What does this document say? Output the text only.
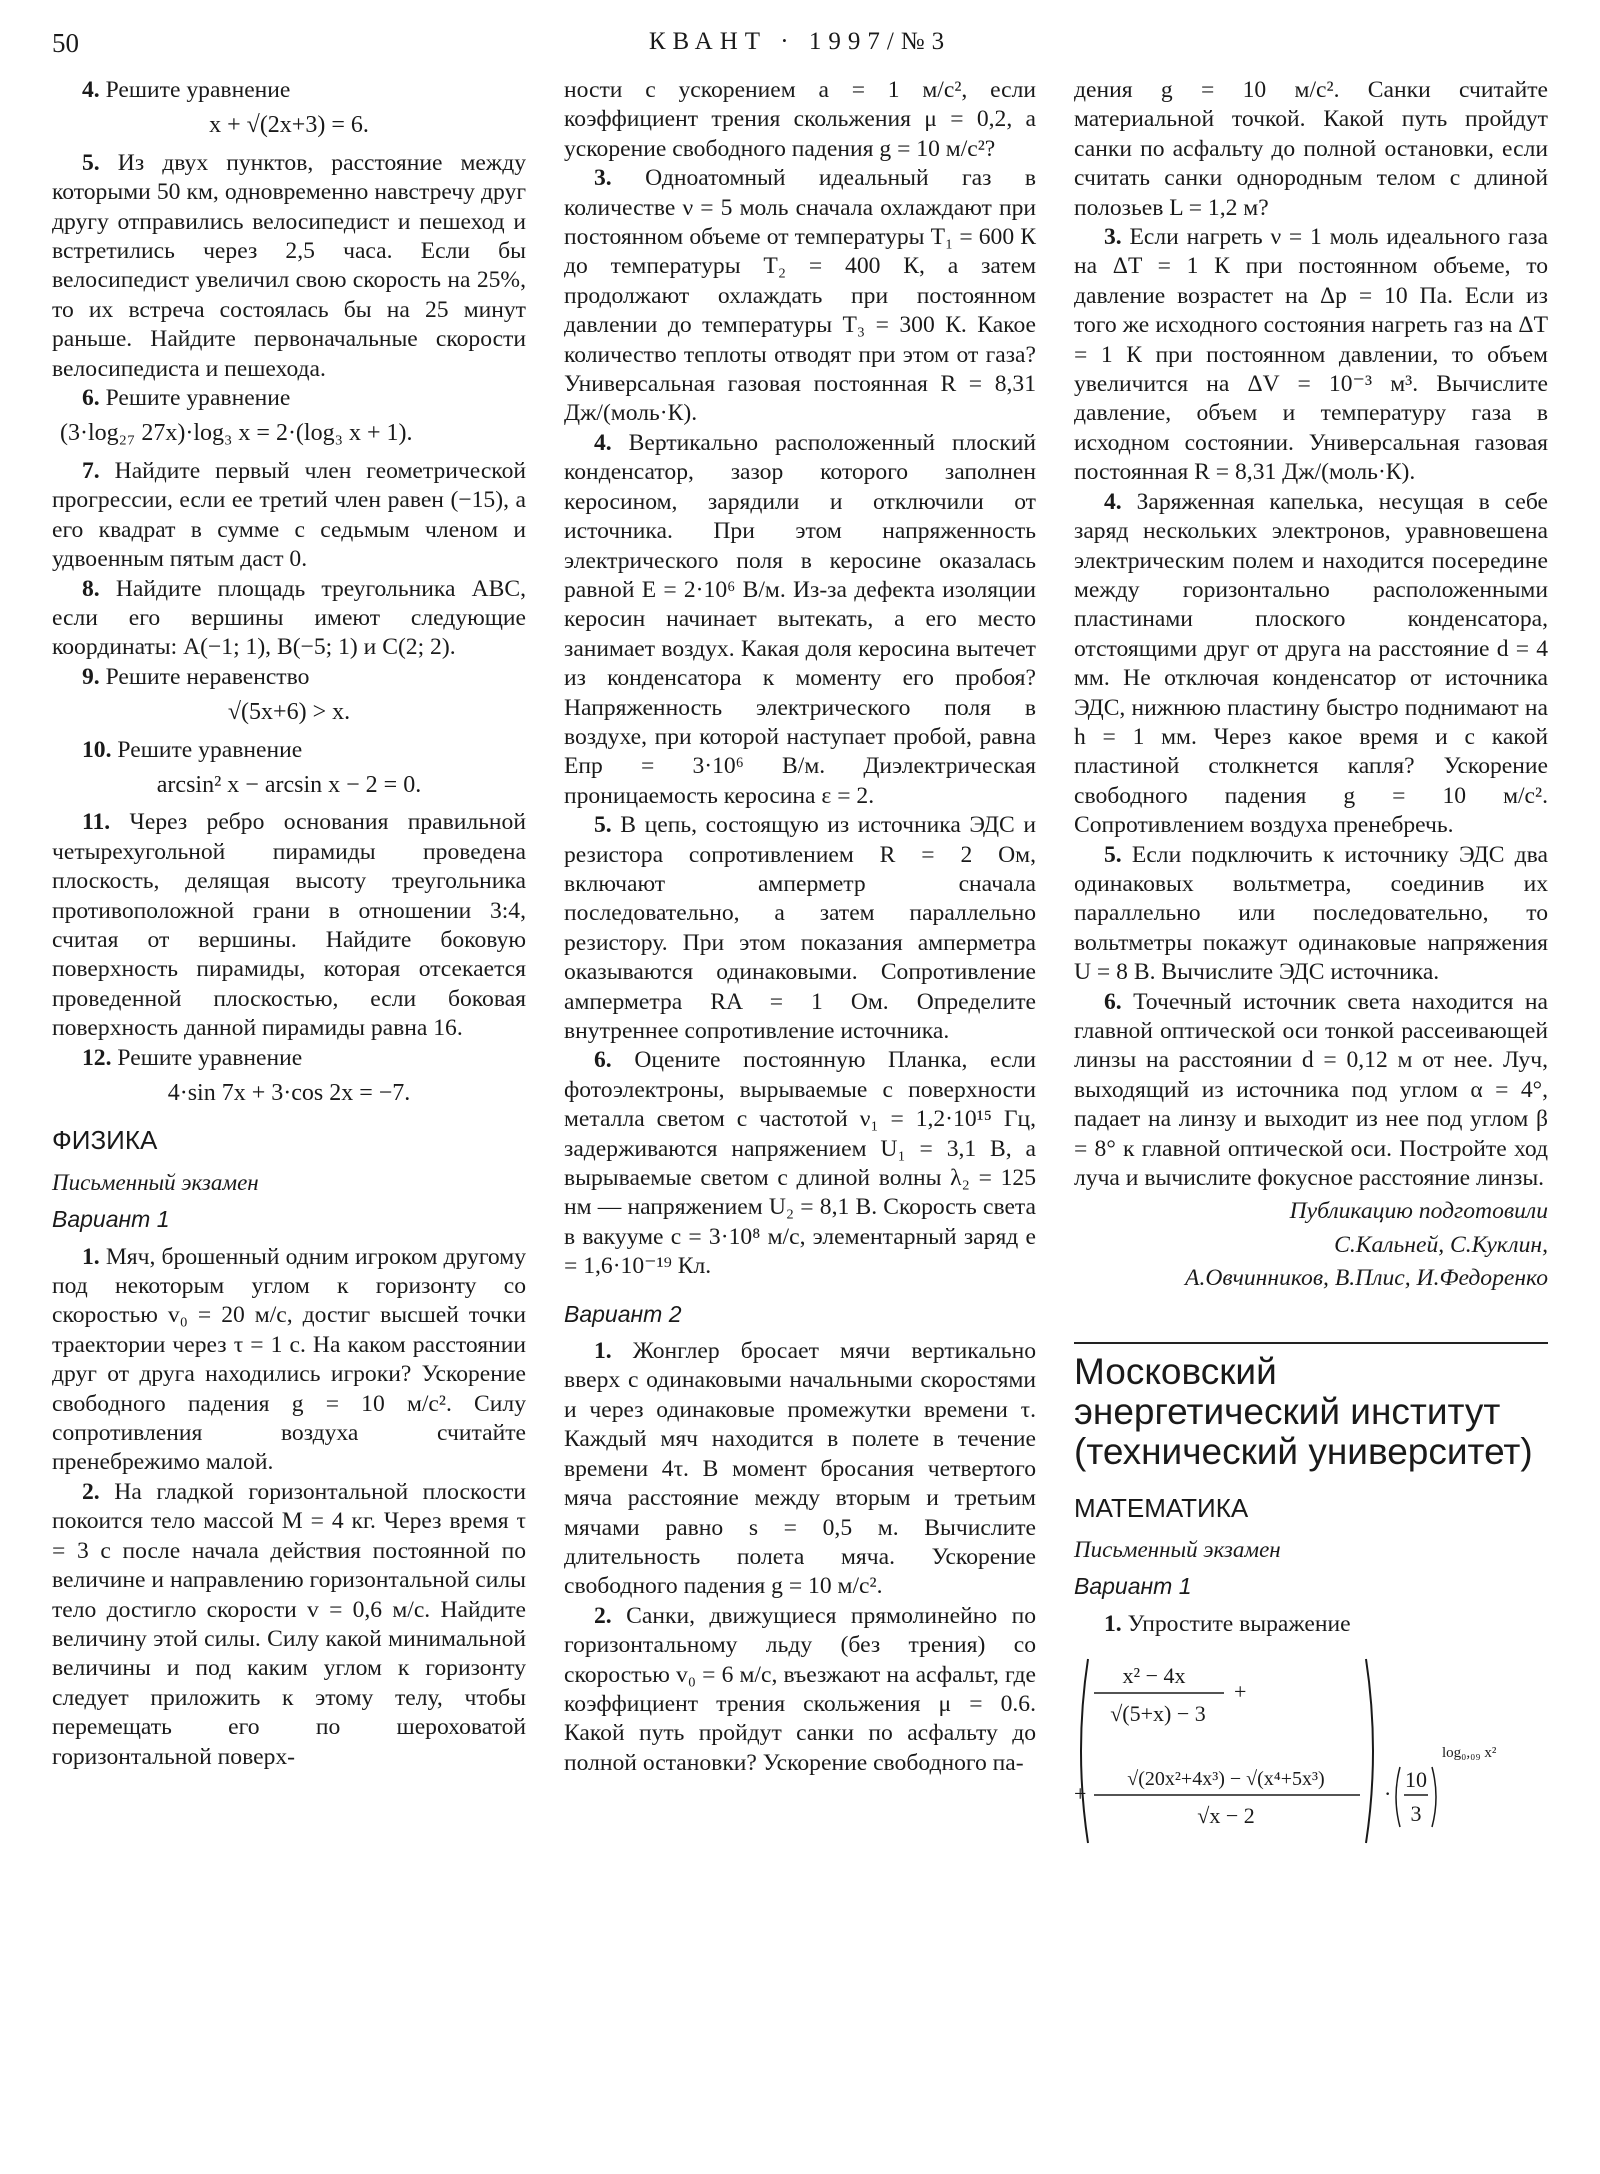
50	КВАНТ · 1997/№3

4. Решите уравнение

x + √(2x+3) = 6.

5. Из двух пунктов, расстояние между которыми 50 км, одновременно навстречу друг другу отправились велосипедист и пешеход и встретились через 2,5 часа. Если бы велосипедист увеличил свою скорость на 25%, то их встреча состоялась бы на 25 минут раньше. Найдите первоначальные скорости велосипедиста и пешехода.

6. Решите уравнение

(3·log₂₇ 27x)·log₃ x = 2·(log₃ x + 1).

7. Найдите первый член геометрической прогрессии, если ее третий член равен (−15), а его квадрат в сумме с седьмым членом и удвоенным пятым даст 0.

8. Найдите площадь треугольника ABC, если его вершины имеют следующие координаты: A(−1; 1), B(−5; 1) и C(2; 2).

9. Решите неравенство

√(5x+6) > x.

10. Решите уравнение

arcsin² x − arcsin x − 2 = 0.

11. Через ребро основания правильной четырехугольной пирамиды проведена плоскость, делящая высоту треугольника противоположной грани в отношении 3:4, считая от вершины. Найдите боковую поверхность пирамиды, которая отсекается проведенной плоскостью, если боковая поверхность данной пирамиды равна 16.

12. Решите уравнение

4·sin 7x + 3·cos 2x = −7.

ФИЗИКА

Письменный экзамен

Вариант 1

1. Мяч, брошенный одним игроком другому под некоторым углом к горизонту со скоростью v₀ = 20 м/с, достиг высшей точки траектории через τ = 1 с. На каком расстоянии друг от друга находились игроки? Ускорение свободного падения g = 10 м/с². Силу сопротивления воздуха считайте пренебрежимо малой.

2. На гладкой горизонтальной плоскости покоится тело массой M = 4 кг. Через время τ = 3 с после начала действия постоянной по величине и направлению горизонтальной силы тело достигло скорости v = 0,6 м/с. Найдите величину этой силы. Силу какой минимальной величины и под каким углом к горизонту следует приложить к этому телу, чтобы перемещать его по шероховатой горизонтальной поверх-

ности с ускорением a = 1 м/с², если коэффициент трения скольжения μ = 0,2, а ускорение свободного падения g = 10 м/с²?

3. Одноатомный идеальный газ в количестве ν = 5 моль сначала охлаждают при постоянном объеме от температуры T₁ = 600 К до температуры T₂ = 400 К, а затем продолжают охлаждать при постоянном давлении до температуры T₃ = 300 К. Какое количество теплоты отводят при этом от газа? Универсальная газовая постоянная R = 8,31 Дж/(моль·К).

4. Вертикально расположенный плоский конденсатор, зазор которого заполнен керосином, зарядили и отключили от источника. При этом напряженность электрического поля в керосине оказалась равной E = 2·10⁶ В/м. Из-за дефекта изоляции керосин начинает вытекать, а его место занимает воздух. Какая доля керосина вытечет из конденсатора к моменту его пробоя? Напряженность электрического поля в воздухе, при которой наступает пробой, равна Eпр = 3·10⁶ В/м. Диэлектрическая проницаемость керосина ε = 2.

5. В цепь, состоящую из источника ЭДС и резистора сопротивлением R = 2 Ом, включают амперметр сначала последовательно, а затем параллельно резистору. При этом показания амперметра оказываются одинаковыми. Сопротивление амперметра RA = 1 Ом. Определите внутреннее сопротивление источника.

6. Оцените постоянную Планка, если фотоэлектроны, вырываемые с поверхности металла светом с частотой ν₁ = 1,2·10¹⁵ Гц, задерживаются напряжением U₁ = 3,1 В, а вырываемые светом с длиной волны λ₂ = 125 нм — напряжением U₂ = 8,1 В. Скорость света в вакууме c = 3·10⁸ м/с, элементарный заряд e = 1,6·10⁻¹⁹ Кл.

Вариант 2

1. Жонглер бросает мячи вертикально вверх с одинаковыми начальными скоростями и через одинаковые промежутки времени τ. Каждый мяч находится в полете в течение времени 4τ. В момент бросания четвертого мяча расстояние между вторым и третьим мячами равно s = 0,5 м. Вычислите длительность полета мяча. Ускорение свободного падения g = 10 м/с².

2. Санки, движущиеся прямолинейно по горизонтальному льду (без трения) со скоростью v₀ = 6 м/с, въезжают на асфальт, где коэффициент трения скольжения μ = 0.6. Какой путь пройдут санки по асфальту до полной остановки? Ускорение свободного па-

дения g = 10 м/с². Санки считайте материальной точкой. Какой путь пройдут санки по асфальту до полной остановки, если считать санки однородным телом с длиной полозьев L = 1,2 м?

3. Если нагреть ν = 1 моль идеального газа на ΔT = 1 К при постоянном объеме, то давление возрастет на Δp = 10 Па. Если из того же исходного состояния нагреть газ на ΔT = 1 К при постоянном давлении, то объем увеличится на ΔV = 10⁻³ м³. Вычислите давление, объем и температуру газа в исходном состоянии. Универсальная газовая постоянная R = 8,31 Дж/(моль·К).

4. Заряженная капелька, несущая в себе заряд нескольких электронов, уравновешена электрическим полем и находится посередине между горизонтально расположенными пластинами плоского конденсатора, отстоящими друг от друга на расстояние d = 4 мм. Не отключая конденсатор от источника ЭДС, нижнюю пластину быстро поднимают на h = 1 мм. Через какое время и с какой пластиной столкнется капля? Ускорение свободного падения g = 10 м/с². Сопротивлением воздуха пренебречь.

5. Если подключить к источнику ЭДС два одинаковых вольтметра, соединив их параллельно или последовательно, то вольтметры покажут одинаковые напряжения U = 8 В. Вычислите ЭДС источника.

6. Точечный источник света находится на главной оптической оси тонкой рассеивающей линзы на расстоянии d = 0,12 м от нее. Луч, выходящий из источника под углом α = 4°, падает на линзу и выходит из нее под углом β = 8° к главной оптической оси. Постройте ход луча и вычислите фокусное расстояние линзы.

Публикацию подготовили

С.Кальней, С.Куклин,

А.Овчинников, В.Плис, И.Федоренко

Московский энергетический институт (технический университет)

МАТЕМАТИКА

Письменный экзамен

Вариант 1

1. Упростите выражение

x² − 4x
√(5+x) − 3
+
+
√(20x²+4x³) − √(x⁴+5x³)
√x − 2
·
10
3
log₀,₀₉ x²
